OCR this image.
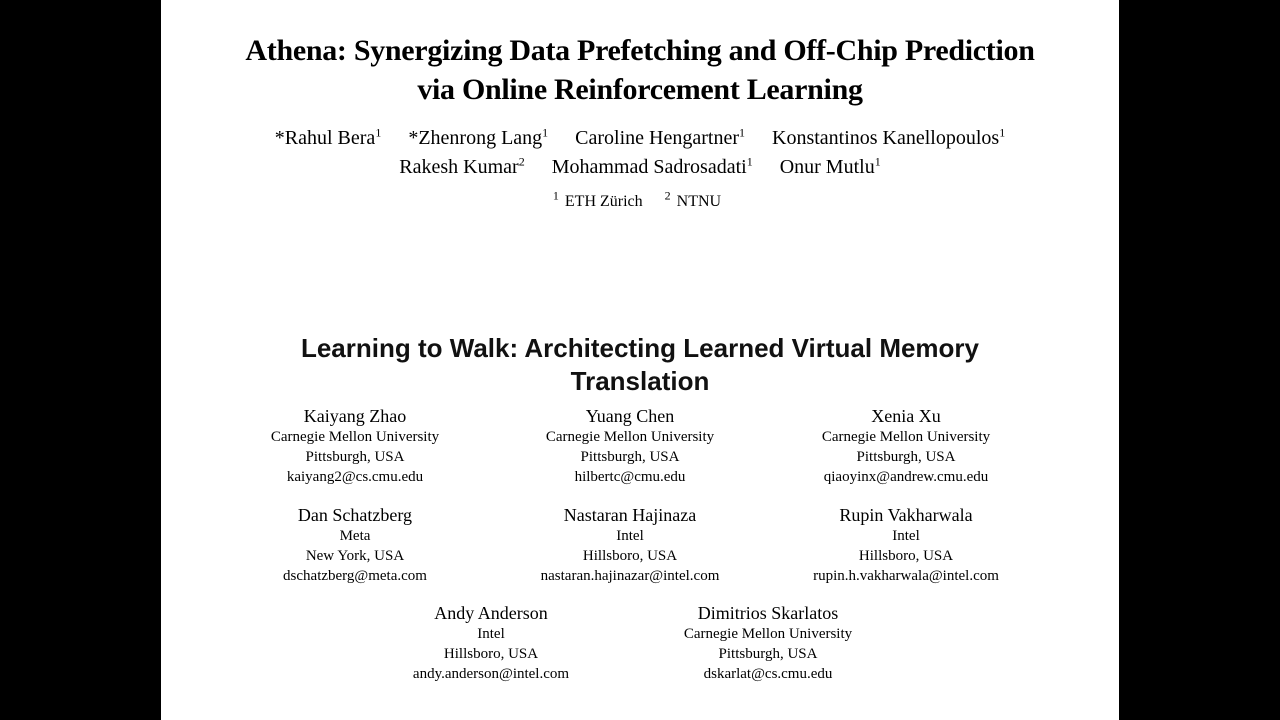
Athena: Synergizing Data Prefetching and Off-Chip Prediction
via Online Reinforcement Learning
*Rahul Bera$^1$ *Zhenrong Lang$^1$ Caroline Hengartner$^1$ Konstantinos Kanellopoulos$^1$
Rakesh Kumar$^2$ Mohammad Sadrosadati$^1$ Onur Mutlu$^1$
$^1$ ETH Zürich $^2$ NTNU
Learning to Walk: Architecting Learned Virtual Memory
Translation
Kaiyang Zhao
Carnegie Mellon University
Pittsburgh, USA
kaiyang2@cs.cmu.edu
Yuang Chen
Carnegie Mellon University
Pittsburgh, USA
hilbertc@cmu.edu
Xenia Xu
Carnegie Mellon University
Pittsburgh, USA
qiaoyinx@andrew.cmu.edu
Dan Schatzberg
Meta
New York, USA
dschatzberg@meta.com
Nastaran Hajinaza
Intel
Hillsboro, USA
nastaran.hajinazar@intel.com
Rupin Vakharwala
Intel
Hillsboro, USA
rupin.h.vakharwala@intel.com
Andy Anderson
Intel
Hillsboro, USA
andy.anderson@intel.com
Dimitrios Skarlatos
Carnegie Mellon University
Pittsburgh, USA
dskarlat@cs.cmu.edu
